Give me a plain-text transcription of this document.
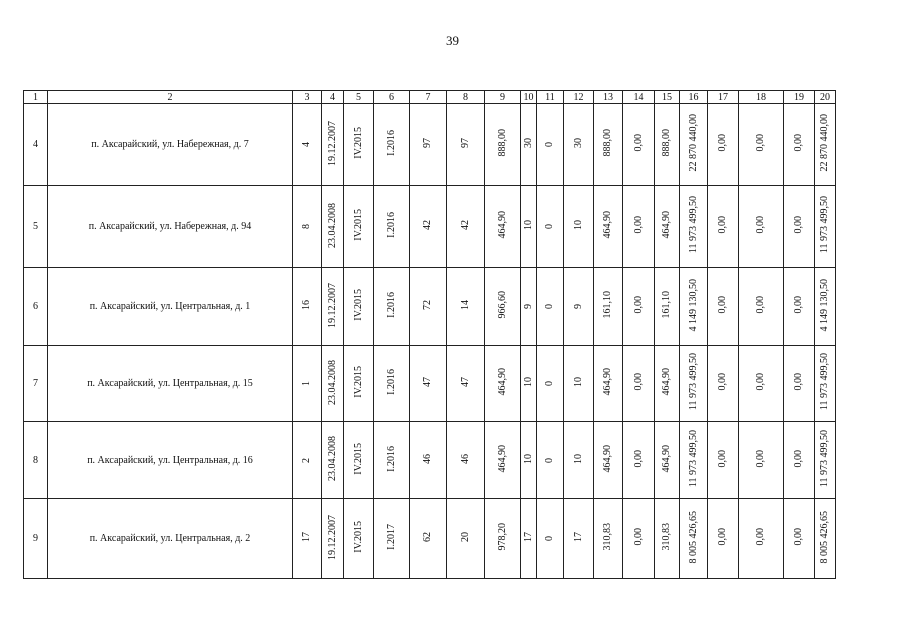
39
1	2	3	4	5	6	7	8	9	10	11	12	13	14	15	16	17	18	19	20
4	п. Аксарайский, ул. Набережная, д. 7	4	19.12.2007	IV.2015	I.2016	97	97	888,00	30	0	30	888,00	0,00	888,00	22 870 440,00	0,00	0,00	0,00	22 870 440,00
5	п. Аксарайский, ул. Набережная, д. 94	8	23.04.2008	IV.2015	I.2016	42	42	464,90	10	0	10	464,90	0,00	464,90	11 973 499,50	0,00	0,00	0,00	11 973 499,50
6	п. Аксарайский, ул. Центральная, д. 1	16	19.12.2007	IV.2015	I.2016	72	14	966,60	9	0	9	161,10	0,00	161,10	4 149 130,50	0,00	0,00	0,00	4 149 130,50
7	п. Аксарайский, ул. Центральная, д. 15	1	23.04.2008	IV.2015	I.2016	47	47	464,90	10	0	10	464,90	0,00	464,90	11 973 499,50	0,00	0,00	0,00	11 973 499,50
8	п. Аксарайский, ул. Центральная, д. 16	2	23.04.2008	IV.2015	I.2016	46	46	464,90	10	0	10	464,90	0,00	464,90	11 973 499,50	0,00	0,00	0,00	11 973 499,50
9	п. Аксарайский, ул. Центральная, д. 2	17	19.12.2007	IV.2015	I.2017	62	20	978,20	17	0	17	310,83	0,00	310,83	8 005 426,65	0,00	0,00	0,00	8 005 426,65
